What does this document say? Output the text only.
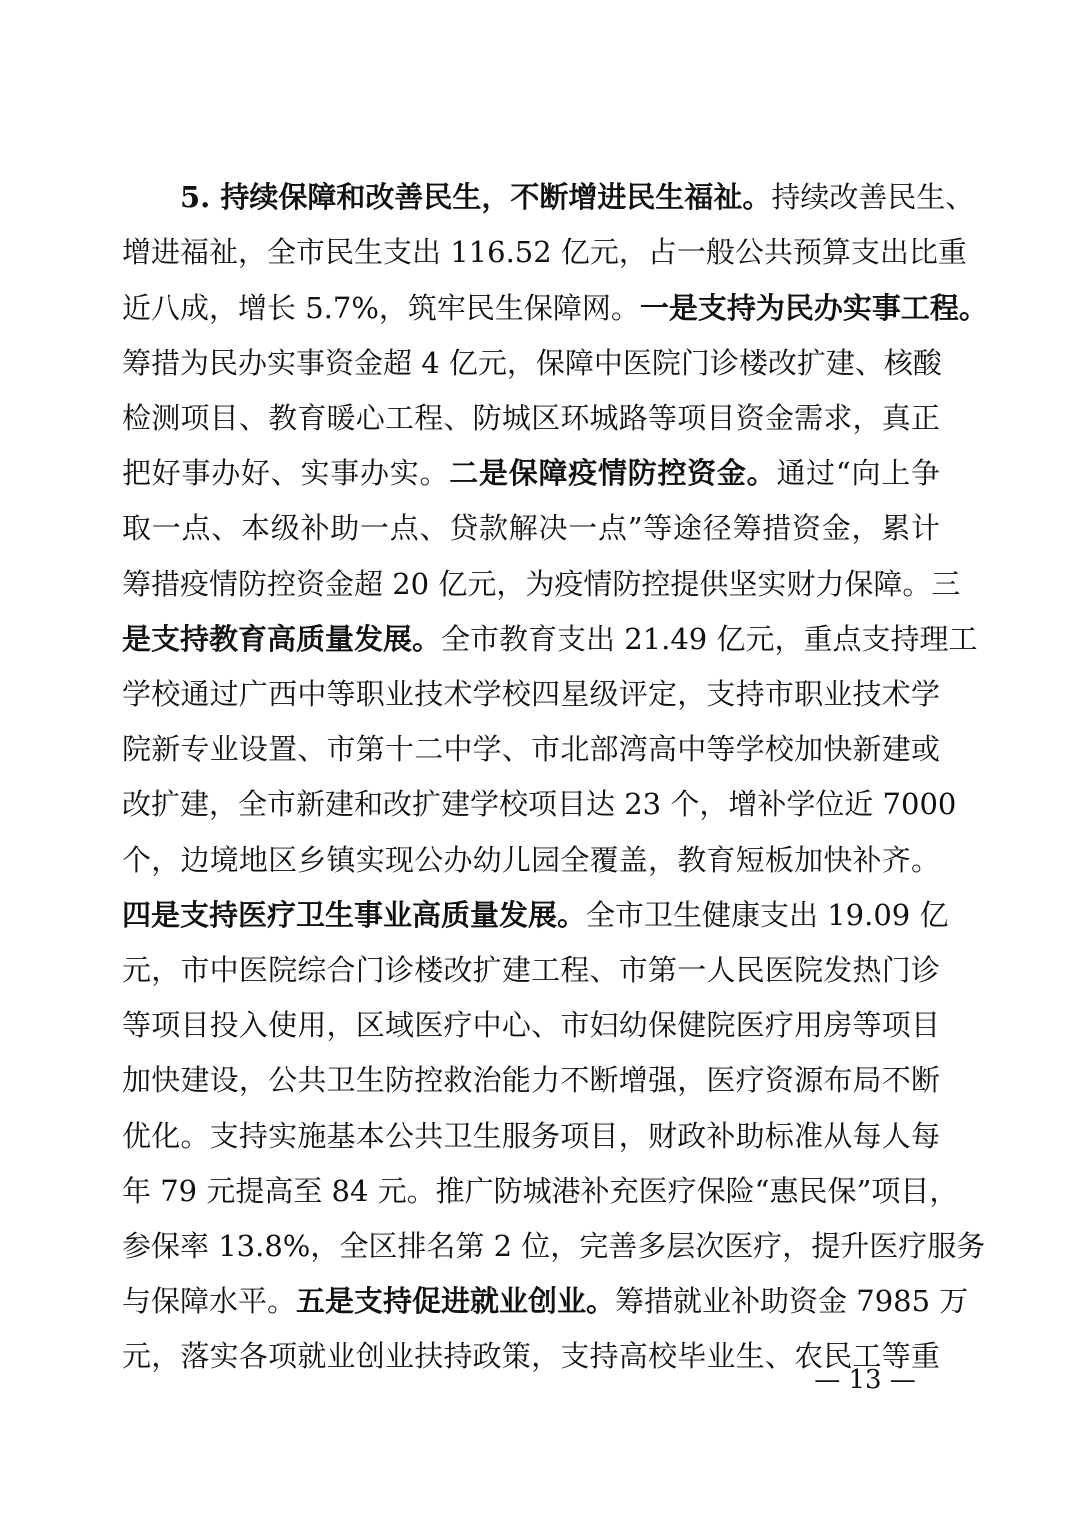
5. 持续保障和改善民生，不断增进民生福祉。持续改善民生、
增进福祉，全市民生支出 116.52 亿元，占一般公共预算支出比重
近八成，增长 5.7%，筑牢民生保障网。一是支持为民办实事工程。
筹措为民办实事资金超 4 亿元，保障中医院门诊楼改扩建、核酸
检测项目、教育暖心工程、防城区环城路等项目资金需求，真正
把好事办好、实事办实。二是保障疫情防控资金。通过“向上争
取一点、本级补助一点、贷款解决一点”等途径筹措资金，累计
筹措疫情防控资金超 20 亿元，为疫情防控提供坚实财力保障。三
是支持教育高质量发展。全市教育支出 21.49 亿元，重点支持理工
学校通过广西中等职业技术学校四星级评定，支持市职业技术学
院新专业设置、市第十二中学、市北部湾高中等学校加快新建或
改扩建，全市新建和改扩建学校项目达 23 个，增补学位近 7000
个，边境地区乡镇实现公办幼儿园全覆盖，教育短板加快补齐。
四是支持医疗卫生事业高质量发展。全市卫生健康支出 19.09 亿
元，市中医院综合门诊楼改扩建工程、市第一人民医院发热门诊
等项目投入使用，区域医疗中心、市妇幼保健院医疗用房等项目
加快建设，公共卫生防控救治能力不断增强，医疗资源布局不断
优化。支持实施基本公共卫生服务项目，财政补助标准从每人每
年 79 元提高至 84 元。推广防城港补充医疗保险“惠民保”项目，
参保率 13.8%，全区排名第 2 位，完善多层次医疗，提升医疗服务
与保障水平。五是支持促进就业创业。筹措就业补助资金 7985 万
元，落实各项就业创业扶持政策，支持高校毕业生、农民工等重
— 13 —
